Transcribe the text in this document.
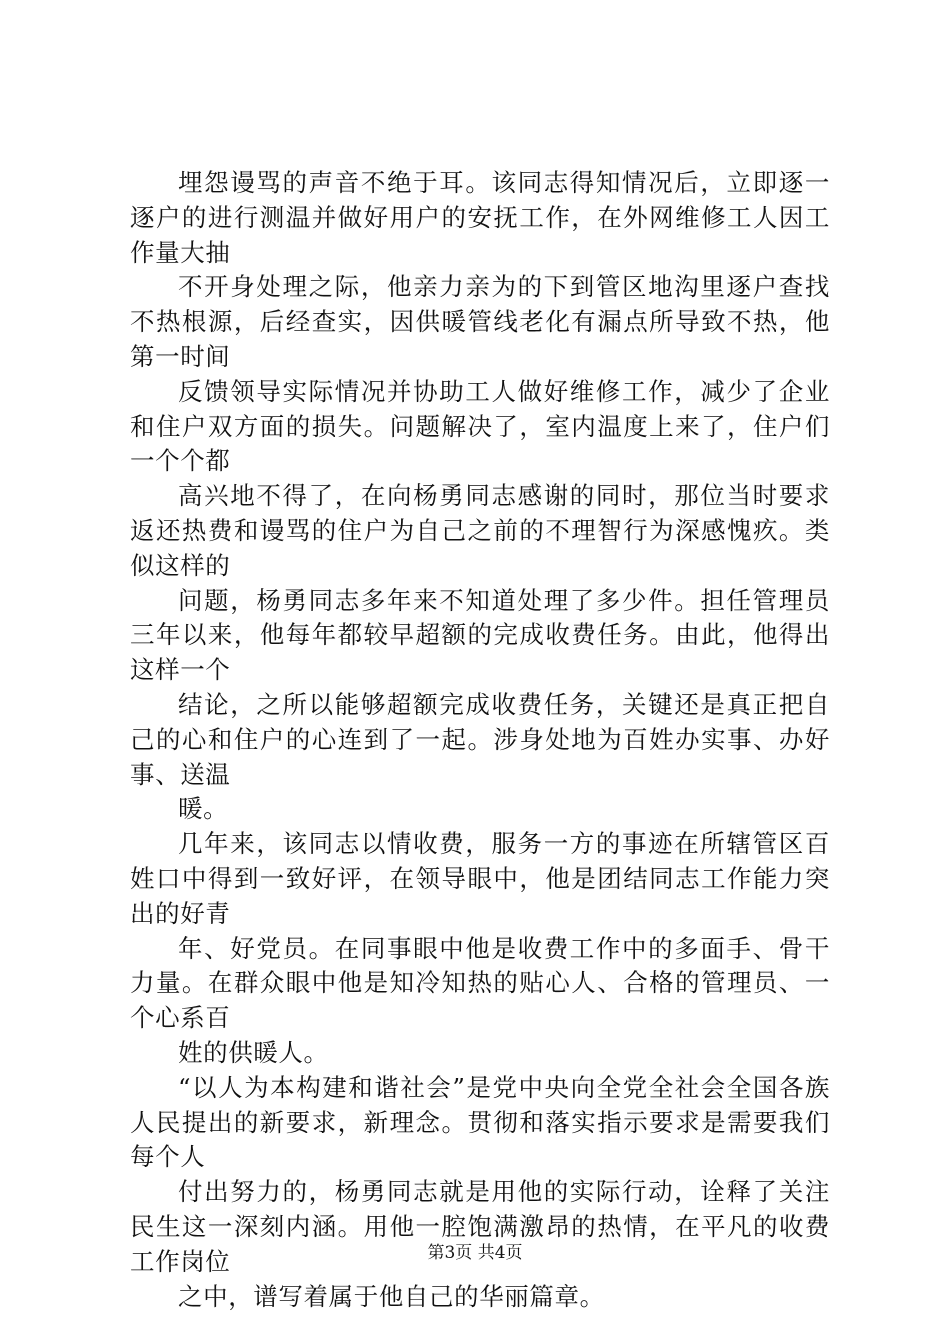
埋怨谩骂的声音不绝于耳。该同志得知情况后，立即逐一逐户的进行测温并做好用户的安抚工作，在外网维修工人因工作量大抽

不开身处理之际，他亲力亲为的下到管区地沟里逐户查找不热根源，后经查实，因供暖管线老化有漏点所导致不热，他第一时间

反馈领导实际情况并协助工人做好维修工作，减少了企业和住户双方面的损失。问题解决了，室内温度上来了，住户们一个个都

高兴地不得了，在向杨勇同志感谢的同时，那位当时要求返还热费和谩骂的住户为自己之前的不理智行为深感愧疚。类似这样的

问题，杨勇同志多年来不知道处理了多少件。担任管理员三年以来，他每年都较早超额的完成收费任务。由此，他得出这样一个

结论，之所以能够超额完成收费任务，关键还是真正把自己的心和住户的心连到了一起。涉身处地为百姓办实事、办好事、送温

暖。

几年来，该同志以情收费，服务一方的事迹在所辖管区百姓口中得到一致好评，在领导眼中，他是团结同志工作能力突出的好青

年、好党员。在同事眼中他是收费工作中的多面手、骨干力量。在群众眼中他是知冷知热的贴心人、合格的管理员、一个心系百

姓的供暖人。

“以人为本构建和谐社会”是党中央向全党全社会全国各族人民提出的新要求，新理念。贯彻和落实指示要求是需要我们每个人

付出努力的，杨勇同志就是用他的实际行动，诠释了关注民生这一深刻内涵。用他一腔饱满激昂的热情，在平凡的收费工作岗位

之中，谱写着属于他自己的华丽篇章。

第3页 共4页
